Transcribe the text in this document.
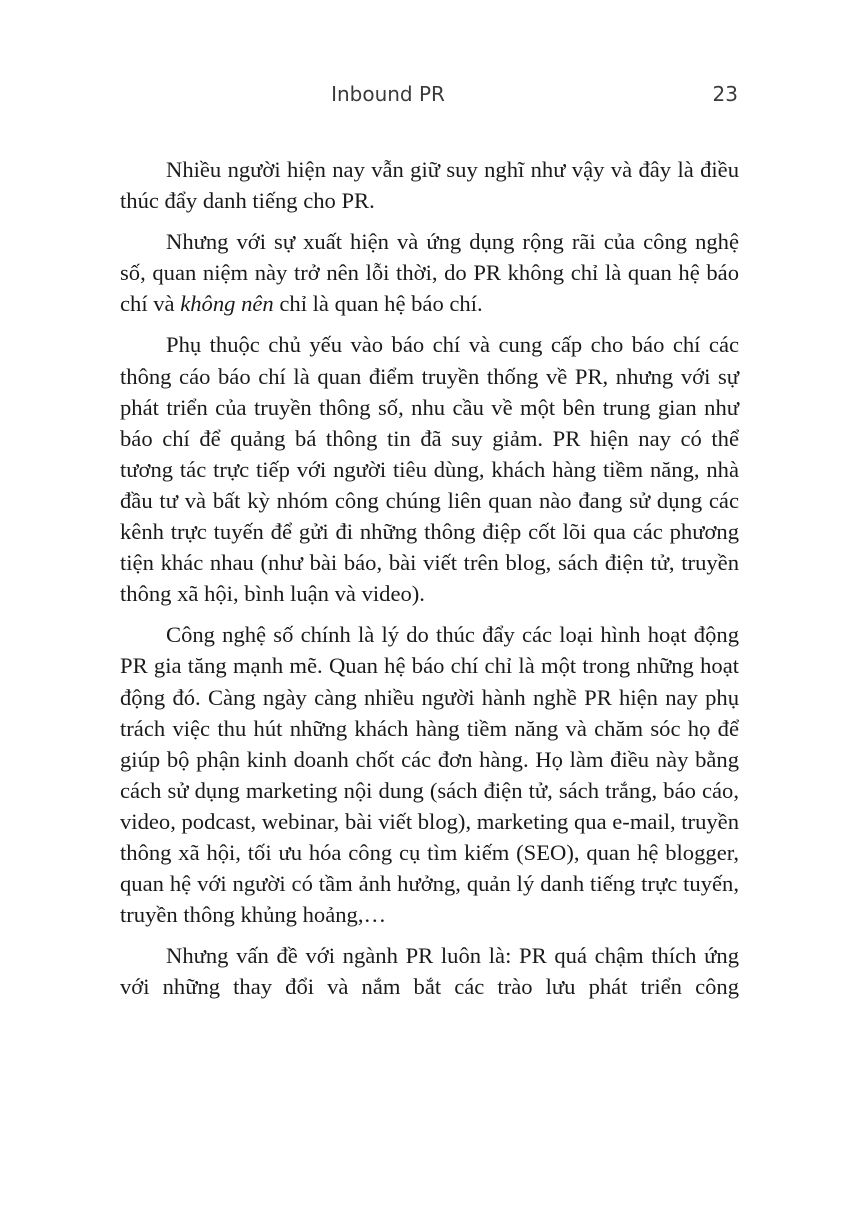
Inbound PR	23

Nhiều người hiện nay vẫn giữ suy nghĩ như vậy và đây là điều thúc đẩy danh tiếng cho PR.

Nhưng với sự xuất hiện và ứng dụng rộng rãi của công nghệ số, quan niệm này trở nên lỗi thời, do PR không chỉ là quan hệ báo chí và không nên chỉ là quan hệ báo chí.

Phụ thuộc chủ yếu vào báo chí và cung cấp cho báo chí các thông cáo báo chí là quan điểm truyền thống về PR, nhưng với sự phát triển của truyền thông số, nhu cầu về một bên trung gian như báo chí để quảng bá thông tin đã suy giảm. PR hiện nay có thể tương tác trực tiếp với người tiêu dùng, khách hàng tiềm năng, nhà đầu tư và bất kỳ nhóm công chúng liên quan nào đang sử dụng các kênh trực tuyến để gửi đi những thông điệp cốt lõi qua các phương tiện khác nhau (như bài báo, bài viết trên blog, sách điện tử, truyền thông xã hội, bình luận và video).

Công nghệ số chính là lý do thúc đẩy các loại hình hoạt động PR gia tăng mạnh mẽ. Quan hệ báo chí chỉ là một trong những hoạt động đó. Càng ngày càng nhiều người hành nghề PR hiện nay phụ trách việc thu hút những khách hàng tiềm năng và chăm sóc họ để giúp bộ phận kinh doanh chốt các đơn hàng. Họ làm điều này bằng cách sử dụng marketing nội dung (sách điện tử, sách trắng, báo cáo, video, podcast, webinar, bài viết blog), marketing qua e-mail, truyền thông xã hội, tối ưu hóa công cụ tìm kiếm (SEO), quan hệ blogger, quan hệ với người có tầm ảnh hưởng, quản lý danh tiếng trực tuyến, truyền thông khủng hoảng,…

Nhưng vấn đề với ngành PR luôn là: PR quá chậm thích ứng với những thay đổi và nắm bắt các trào lưu phát triển công
